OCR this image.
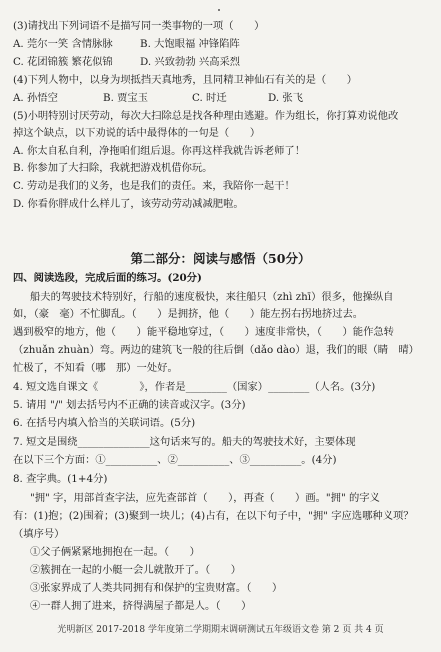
(3)请找出下列词语不是描写同一类事物的一项（　　）
A. 莞尔一笑 含情脉脉	B. 大饱眼福 冲锋陷阵
C. 花团锦簇 繁花似锦	D. 兴致勃勃 兴高采烈
(4)下列人物中，以身为坝抵挡天真地秀，且同精卫神仙石有关的是（　　）
A. 孙悟空	B. 贾宝玉	C. 时迁	D. 张飞
(5)小明特别讨厌劳动，每次大扫除总是找各种理由逃避。作为组长，你打算劝说他改
掉这个缺点，以下劝说的话中最得体的一句是（　　）
A. 你太自私自利，净拖咱们组后退。你再这样我就告诉老师了！
B. 你参加了大扫除，我就把游戏机借你玩。
C. 劳动是我们的义务，也是我们的责任。来，我陪你一起干！
D. 你看你胖成什么样儿了，该劳动劳动减减肥啦。
第二部分：阅读与感悟（50分）
四、阅读选段，完成后面的练习。(20分)
船夫的驾驶技术特别好，行船的速度极快，来往船只（zhì zhī）很多，他操纵自
如，（豪　毫）不忙脚乱。（　　）是拥挤，他（　　）能左拐右拐地挤过去。
遇到极窄的地方，他（　　）能平稳地穿过，（　　）速度非常快，（　　）能作急转
（zhuǎn zhuàn）弯。两边的建筑飞一般的往后倒（dǎo dào）退，我们的眼（睛　晴）
忙极了，不知看（哪　那）一处好。
4. 短文选自课文《　　　　》，作者是________（国家）________（人名。(3分)
5. 请用 "/" 划去括号内不正确的读音或汉字。(3分)
6. 在括号内填入恰当的关联词语。(5分)
7. 短文是围绕______________这句话来写的。船夫的驾驶技术好，主要体现
在以下三个方面：①__________、②__________、③__________。(4分)
8. 查字典。(1+4分)
"拥" 字，用部首查字法，应先查部首（　　），再查（　　）画。"拥" 的字义
有：(1)抱；(2)围着；(3)聚到一块儿；(4)占有，在以下句子中，"拥" 字应选哪种义项？
（填序号）
①父子俩紧紧地拥抱在一起。（　　）
②簇拥在一起的小艇一会儿就散开了。（　　）
③张家界成了人类共同拥有和保护的宝贵财富。（　　）
④一群人拥了进来，挤得满屋子都是人。（　　）
光明新区 2017-2018 学年度第二学期期末调研测试五年级语文卷 第 2 页 共 4 页
